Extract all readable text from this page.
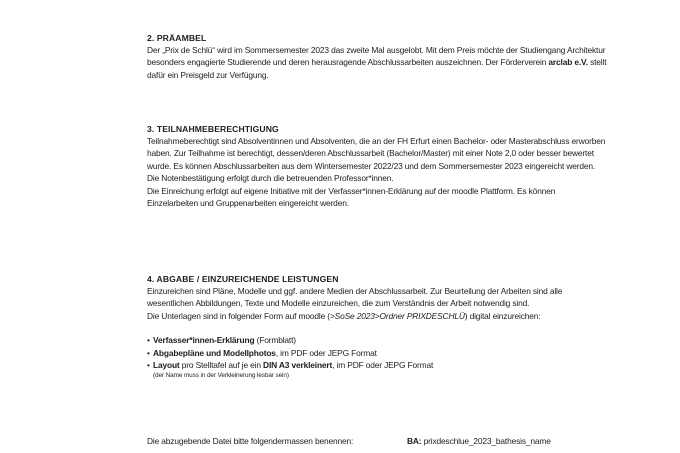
2. PRÄAMBEL
Der „Prix de Schlü“ wird im Sommersemester 2023 das zweite Mal ausgelobt. Mit dem Preis möchte der Studiengang Architektur besonders engagierte Studierende und deren herausragende Abschlussarbeiten auszeichnen. Der Förderverein arclab e.V. stellt dafür ein Preisgeld zur Verfügung.
3. TEILNAHMEBERECHTIGUNG

Teilnahmeberechtigt sind Absolventinnen und Absolventen, die an der FH Erfurt einen Bachelor- oder Masterabschluss erworben haben. Zur Teilhahme ist berechtigt, dessen/deren Abschlussarbeit (Bachelor/Master) mit einer Note 2,0 oder besser bewertet wurde. Es können Abschlussarbeiten aus dem Wintersemester 2022/23 und dem Sommersemester 2023 eingereicht werden.

Die Notenbestätigung erfolgt durch die betreuenden Professor*innen.

Die Einreichung erfolgt auf eigene Initiative mit der Verfasser*innen-Erklärung auf der moodle Plattform. Es können Einzelarbeiten und Gruppenarbeiten eingereicht werden.

4. ABGABE / EINZUREICHENDE LEISTUNGEN

Einzureichen sind Pläne, Modelle und ggf. andere Medien der Abschlussarbeit. Zur Beurteilung der Arbeiten sind alle wesentlichen Abbildungen, Texte und Modelle einzureichen, die zum Verständnis der Arbeit notwendig sind.

Die Unterlagen sind in folgender Form auf moodle (>SoSe 2023>Ordner PRIXDESCHLÜ) digital einzureichen:

• Verfasser*innen-Erklärung (Formblatt)
• Abgabepläne und Modellphotos, im PDF oder JEPG Format
• Layout pro Stelltafel auf je ein DIN A3 verkleinert, im PDF oder JEPG Format
(der Name muss in der Verkleinerung lesbar sein)
Die abzugebende Datei bitte folgendermassen benennen:	BA: prixdeschlue_2023_bathesis_name
